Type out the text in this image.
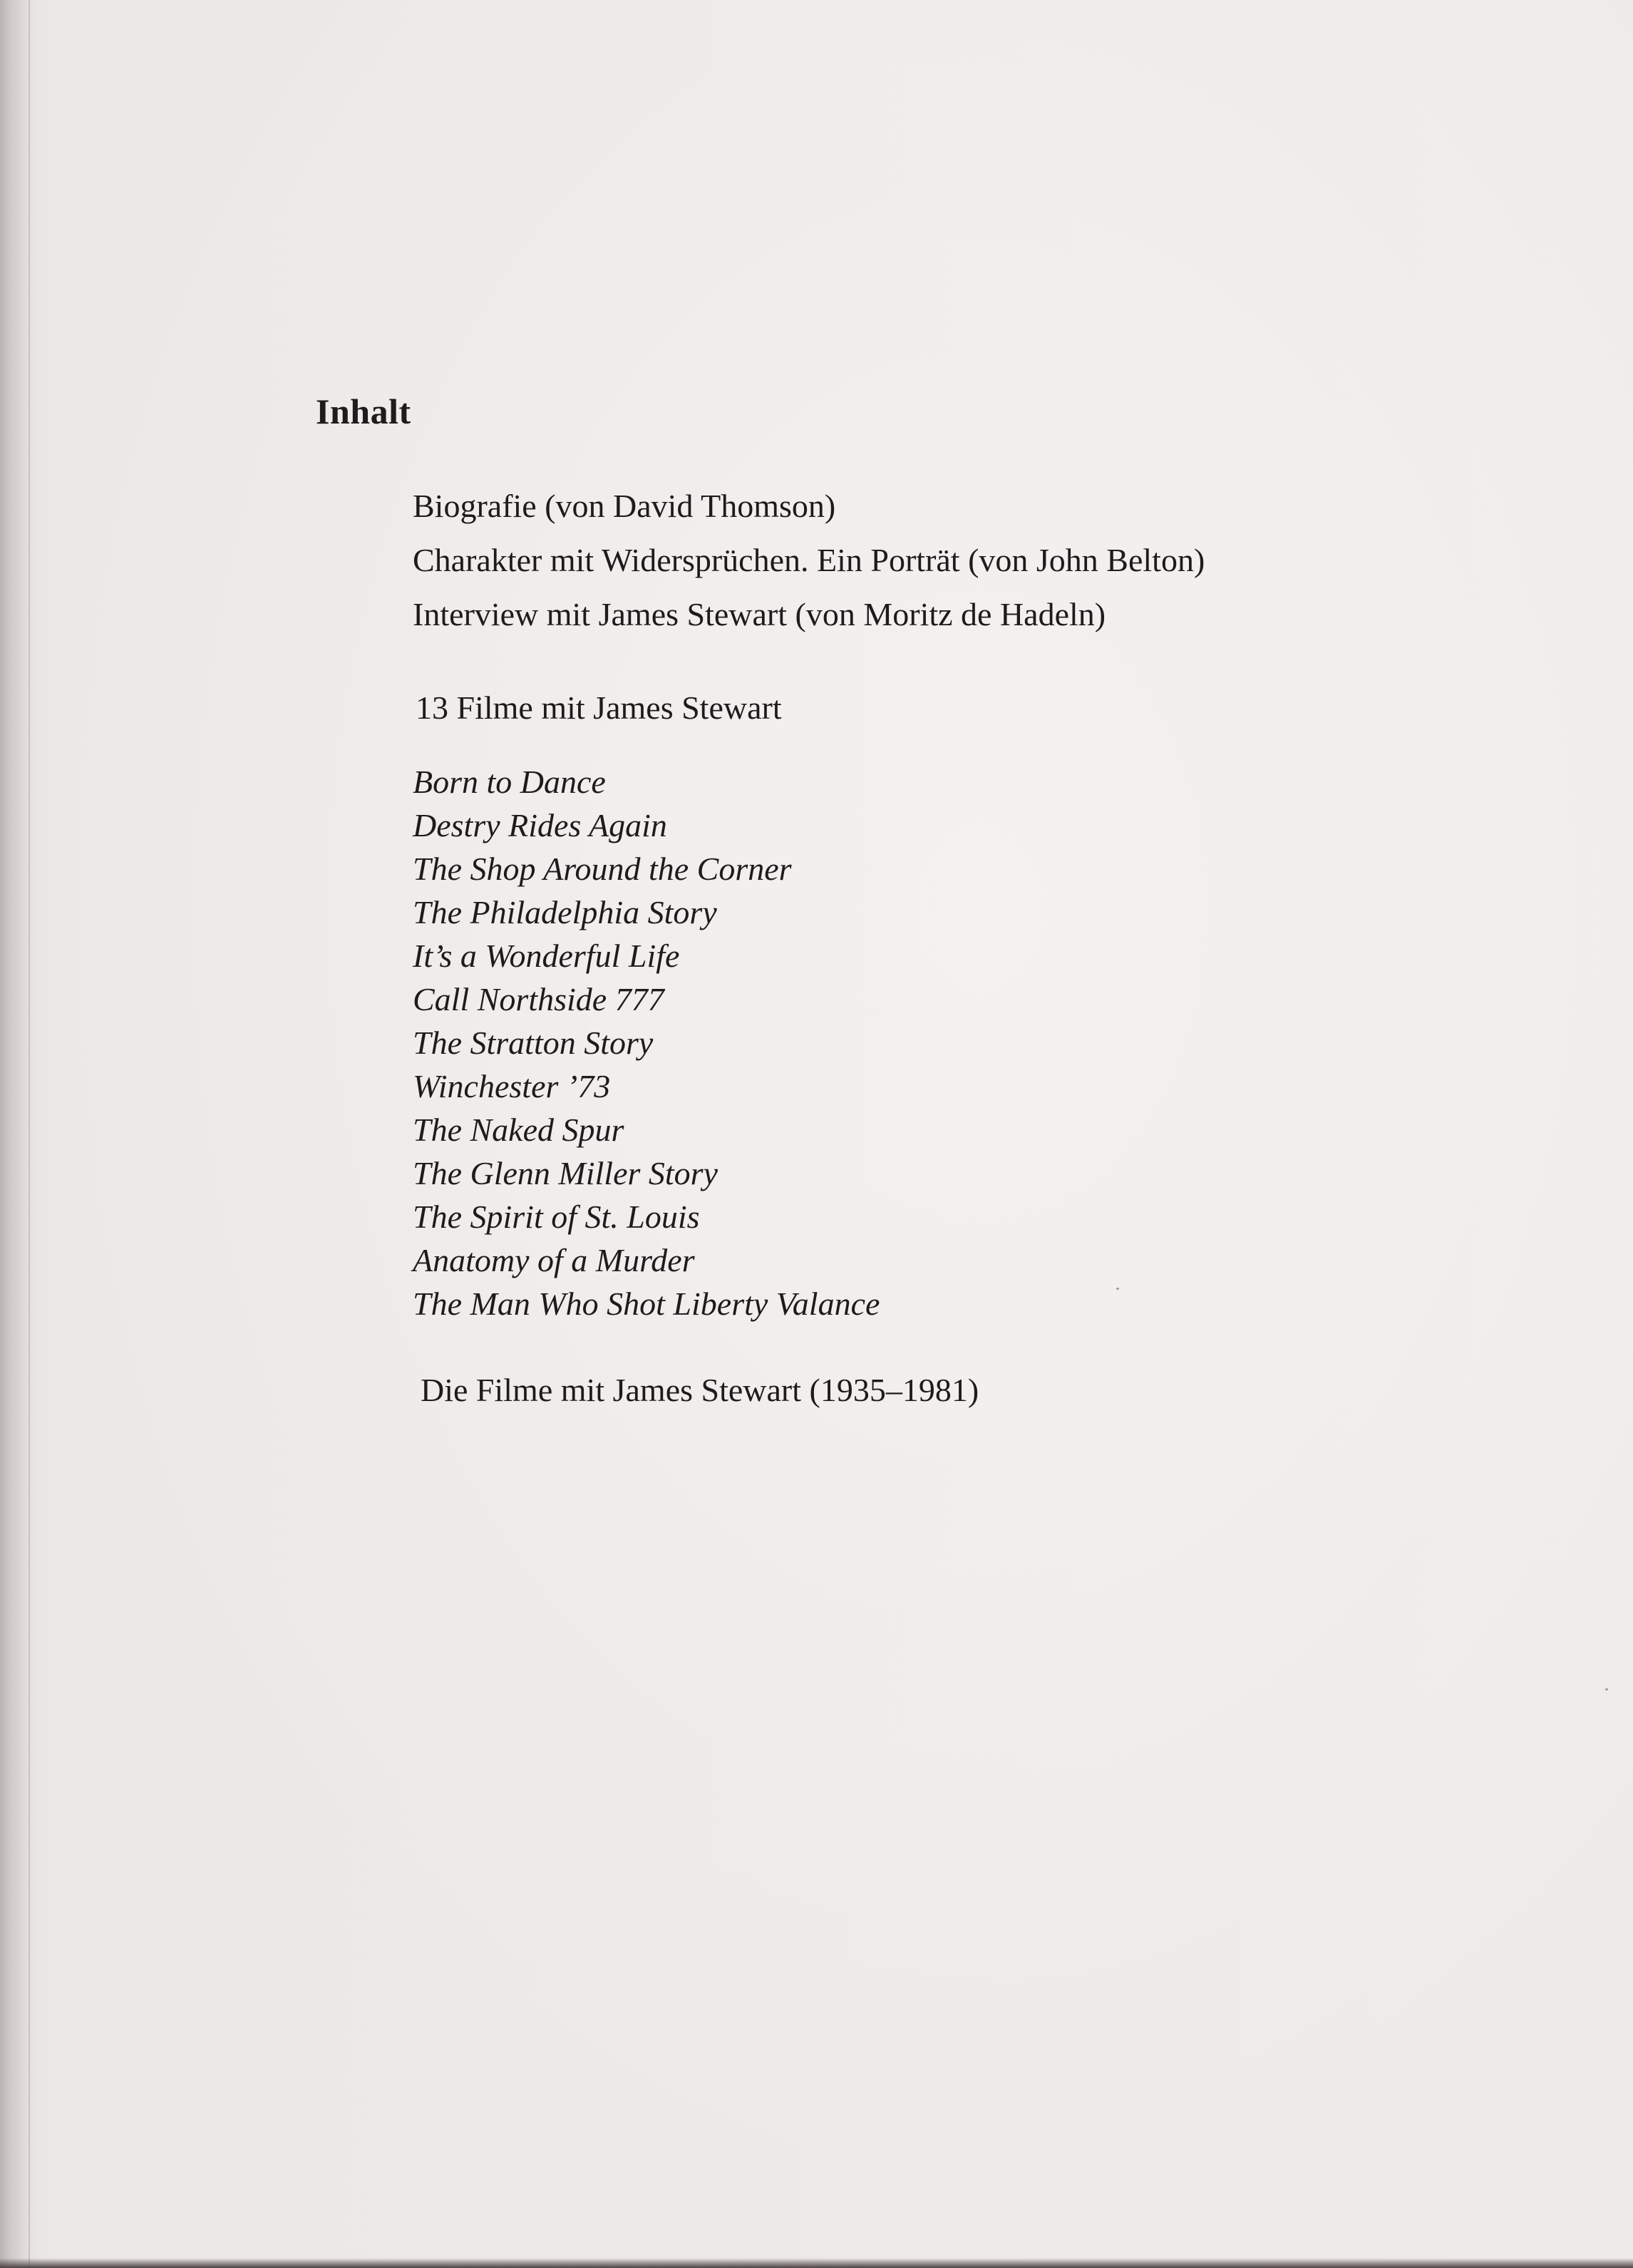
Inhalt
Biografie (von David Thomson)
Charakter mit Widersprüchen. Ein Porträt (von John Belton)
Interview mit James Stewart (von Moritz de Hadeln)
13 Filme mit James Stewart
Born to Dance
Destry Rides Again
The Shop Around the Corner
The Philadelphia Story
It’s a Wonderful Life
Call Northside 777
The Stratton Story
Winchester ’73
The Naked Spur
The Glenn Miller Story
The Spirit of St. Louis
Anatomy of a Murder
The Man Who Shot Liberty Valance
Die Filme mit James Stewart (1935–1981)
